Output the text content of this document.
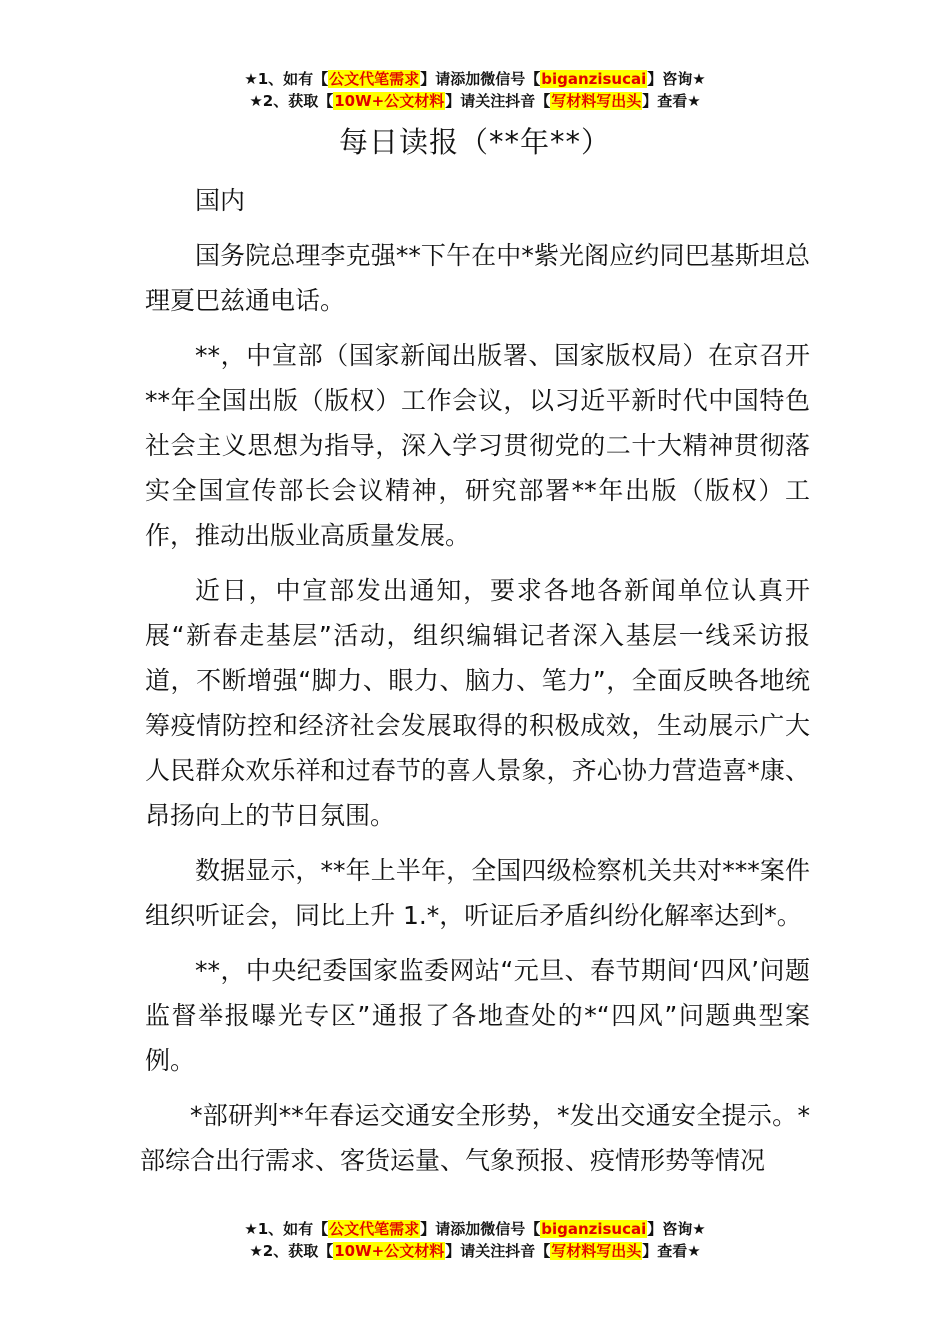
★1、如有【公文代笔需求】请添加微信号【biganzisucai】咨询★
★2、获取【10W+公文材料】请关注抖音【写材料写出头】查看★
每日读报（**年**）

国内

国务院总理李克强**下午在中*紫光阁应约同巴基斯坦总理夏巴兹通电话。

**，中宣部（国家新闻出版署、国家版权局）在京召开**年全国出版（版权）工作会议，以习近平新时代中国特色社会主义思想为指导，深入学习贯彻党的二十大精神贯彻落实全国宣传部长会议精神，研究部署**年出版（版权）工作，推动出版业高质量发展。

近日，中宣部发出通知，要求各地各新闻单位认真开展“新春走基层”活动，组织编辑记者深入基层一线采访报道，不断增强“脚力、眼力、脑力、笔力”，全面反映各地统筹疫情防控和经济社会发展取得的积极成效，生动展示广大人民群众欢乐祥和过春节的喜人景象，齐心协力营造喜*康、昂扬向上的节日氛围。

数据显示，**年上半年，全国四级检察机关共对***案件组织听证会，同比上升 1.*，听证后矛盾纠纷化解率达到*。

**，中央纪委国家监委网站“元旦、春节期间‘四风’问题监督举报曝光专区”通报了各地查处的*“四风”问题典型案例。

*部研判**年春运交通安全形势，*发出交通安全提示。*部综合出行需求、客货运量、气象预报、疫情形势等情况

★1、如有【公文代笔需求】请添加微信号【biganzisucai】咨询★
★2、获取【10W+公文材料】请关注抖音【写材料写出头】查看★
